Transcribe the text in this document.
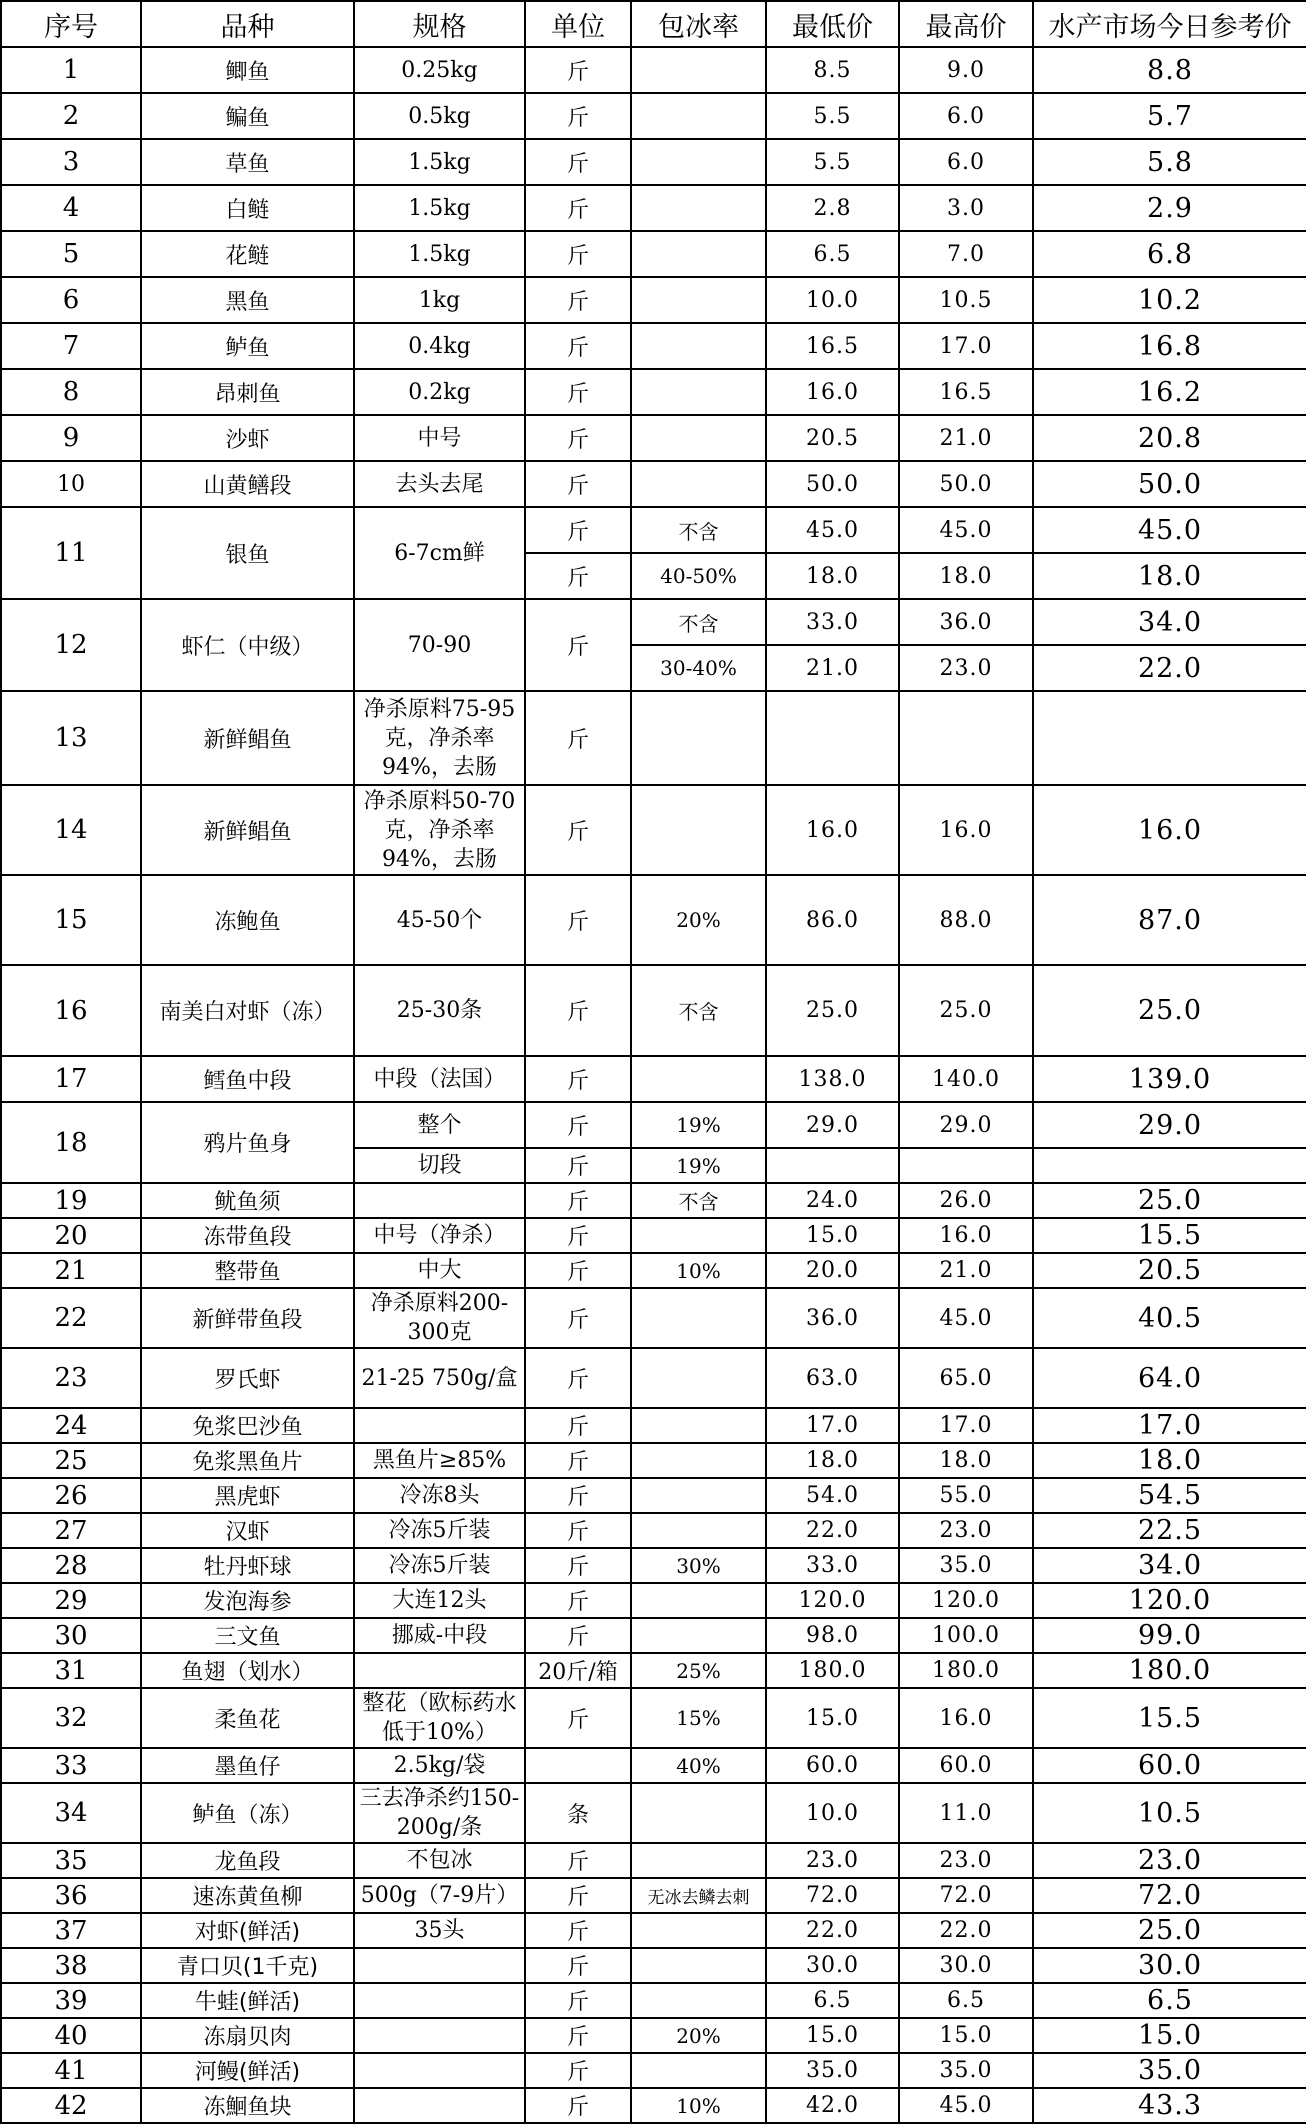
序号	品种	规格	单位	包冰率	最低价	最高价	水产市场今日参考价
1	鲫鱼	0.25kg	斤		8.5	9.0	8.8
2	鳊鱼	0.5kg	斤		5.5	6.0	5.7
3	草鱼	1.5kg	斤		5.5	6.0	5.8
4	白鲢	1.5kg	斤		2.8	3.0	2.9
5	花鲢	1.5kg	斤		6.5	7.0	6.8
6	黑鱼	1kg	斤		10.0	10.5	10.2
7	鲈鱼	0.4kg	斤		16.5	17.0	16.8
8	昂刺鱼	0.2kg	斤		16.0	16.5	16.2
9	沙虾	中号	斤		20.5	21.0	20.8
10	山黄鳝段	去头去尾	斤		50.0	50.0	50.0
11	银鱼	6-7cm鲜	斤	不含	45.0	45.0	45.0
			斤	40-50%	18.0	18.0	18.0
12	虾仁（中级）	70-90	斤	不含	33.0	36.0	34.0
				30-40%	21.0	23.0	22.0
13	新鲜鲳鱼	净杀原料75-95克，净杀率94%，去肠	斤				
14	新鲜鲳鱼	净杀原料50-70克，净杀率94%，去肠	斤		16.0	16.0	16.0
15	冻鲍鱼	45-50个	斤	20%	86.0	88.0	87.0
16	南美白对虾（冻）	25-30条	斤	不含	25.0	25.0	25.0
17	鳕鱼中段	中段（法国）	斤		138.0	140.0	139.0
18	鸦片鱼身	整个	斤	19%	29.0	29.0	29.0
		切段	斤	19%			
19	鱿鱼须		斤	不含	24.0	26.0	25.0
20	冻带鱼段	中号（净杀）	斤		15.0	16.0	15.5
21	整带鱼	中大	斤	10%	20.0	21.0	20.5
22	新鲜带鱼段	净杀原料200-300克	斤		36.0	45.0	40.5
23	罗氏虾	21-25 750g/盒	斤		63.0	65.0	64.0
24	免浆巴沙鱼		斤		17.0	17.0	17.0
25	免浆黑鱼片	黑鱼片≥85%	斤		18.0	18.0	18.0
26	黑虎虾	冷冻8头	斤		54.0	55.0	54.5
27	汉虾	冷冻5斤装	斤		22.0	23.0	22.5
28	牡丹虾球	冷冻5斤装	斤	30%	33.0	35.0	34.0
29	发泡海参	大连12头	斤		120.0	120.0	120.0
30	三文鱼	挪威-中段	斤		98.0	100.0	99.0
31	鱼翅（划水）		20斤/箱	25%	180.0	180.0	180.0
32	柔鱼花	整花（欧标药水低于10%）	斤	15%	15.0	16.0	15.5
33	墨鱼仔	2.5kg/袋		40%	60.0	60.0	60.0
34	鲈鱼（冻）	三去净杀约150-200g/条	条		10.0	11.0	10.5
35	龙鱼段	不包冰	斤		23.0	23.0	23.0
36	速冻黄鱼柳	500g（7-9片）	斤	无冰去鳞去刺	72.0	72.0	72.0
37	对虾(鲜活)	35头	斤		22.0	22.0	25.0
38	青口贝(1千克)		斤		30.0	30.0	30.0
39	牛蛙(鲜活)		斤		6.5	6.5	6.5
40	冻扇贝肉		斤	20%	15.0	15.0	15.0
41	河鳗(鲜活)		斤		35.0	35.0	35.0
42	冻鮰鱼块		斤	10%	42.0	45.0	43.3
